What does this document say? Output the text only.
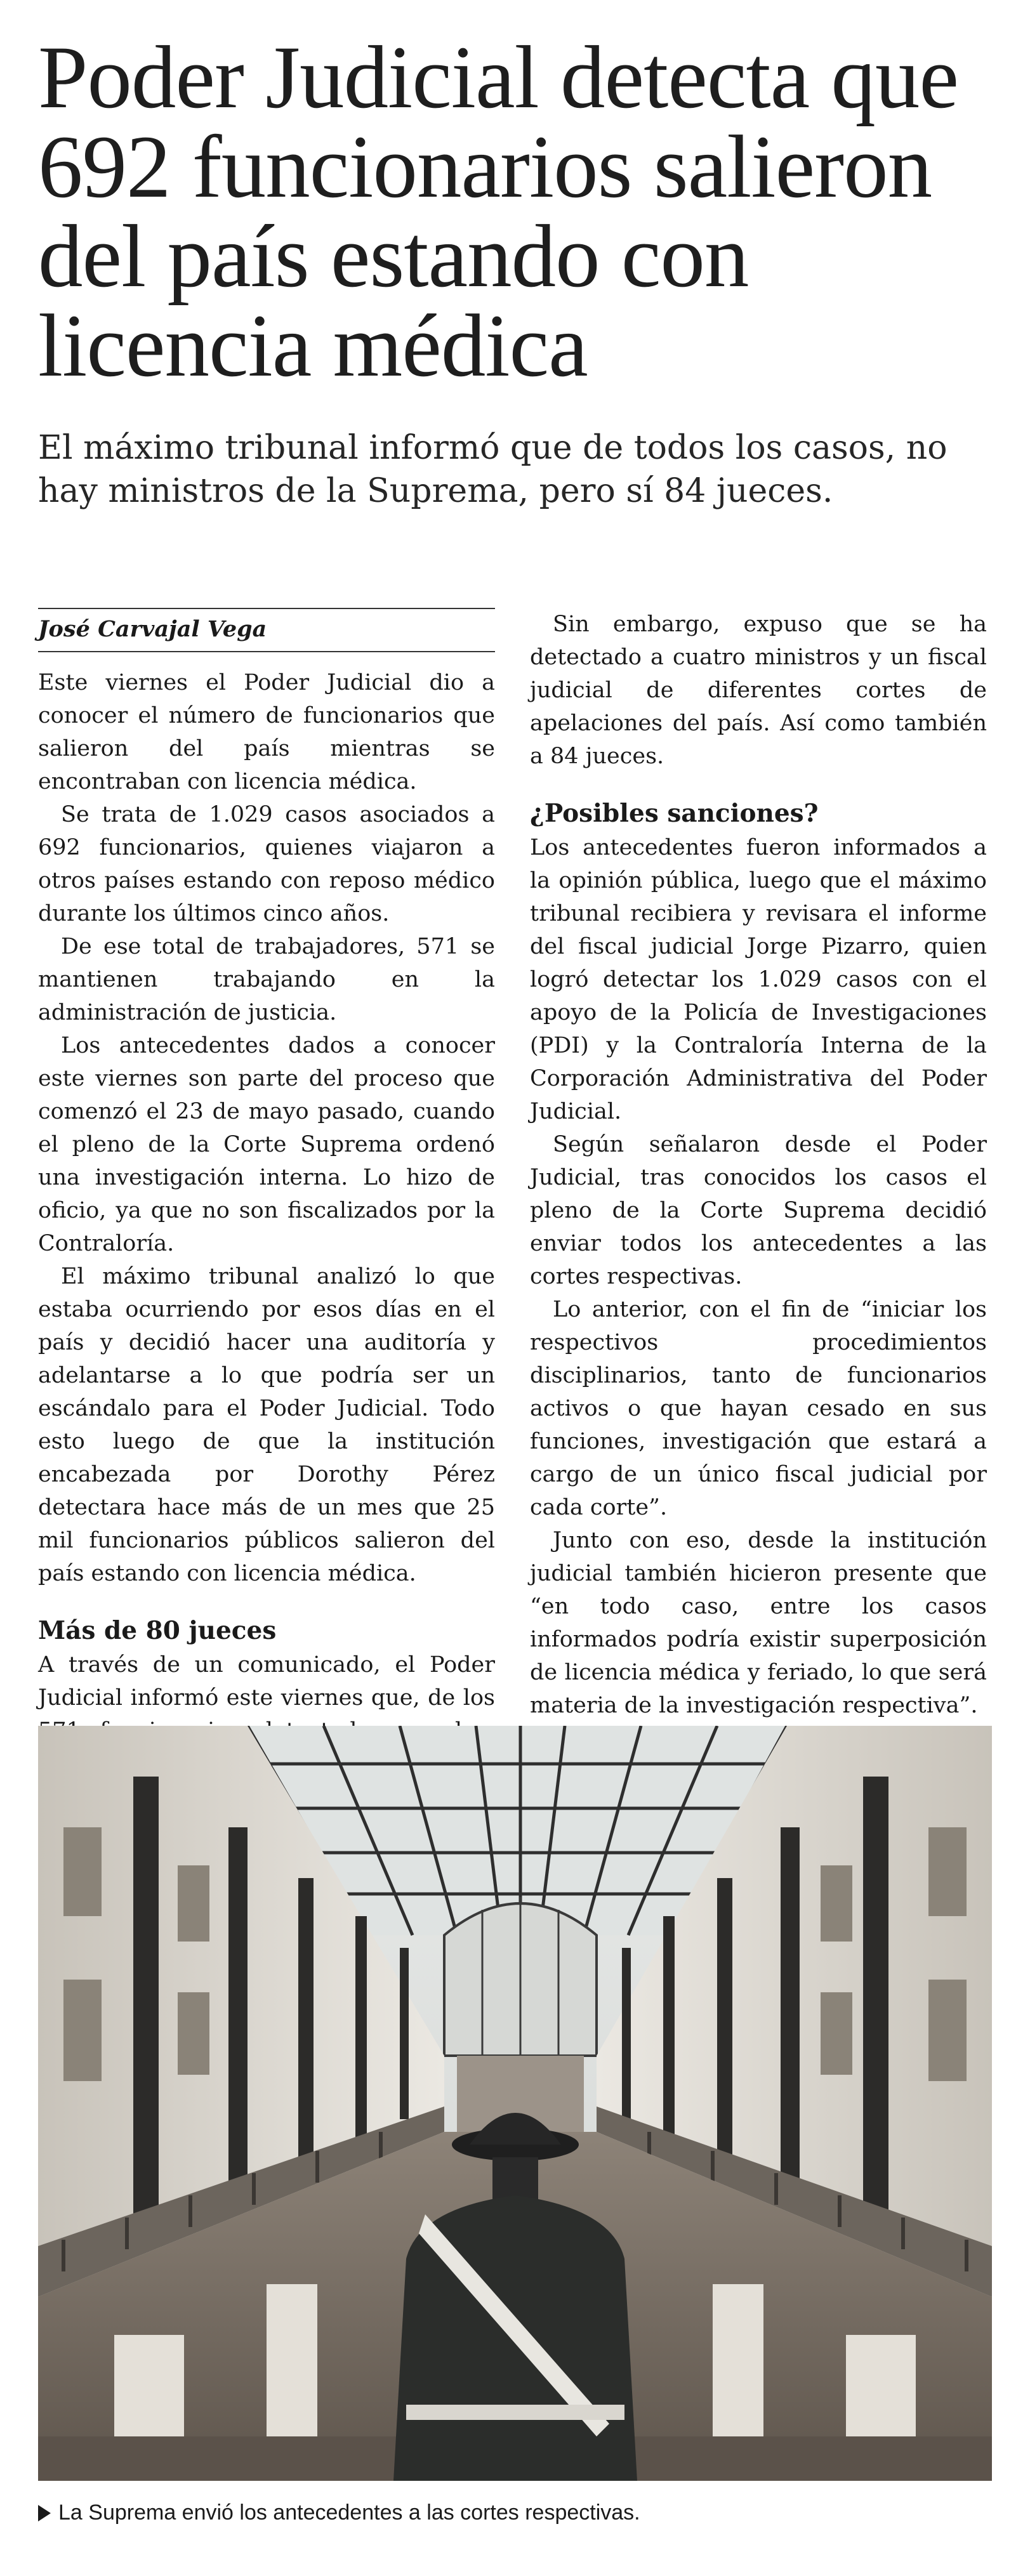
Poder Judicial detecta que 692 funcionarios salieron del país estando con licencia médica

El máximo tribunal informó que de todos los casos, no hay ministros de la Suprema, pero sí 84 jueces.

José Carvajal Vega

Este viernes el Poder Judicial dio a conocer el número de funcionarios que salieron del país mientras se encontraban con licencia médica.

Se trata de 1.029 casos asociados a 692 funcionarios, quienes viajaron a otros países estando con reposo médico durante los últimos cinco años.

De ese total de trabajadores, 571 se mantienen trabajando en la administración de justicia.

Los antecedentes dados a conocer este viernes son parte del proceso que comenzó el 23 de mayo pasado, cuando el pleno de la Corte Suprema ordenó una investigación interna. Lo hizo de oficio, ya que no son fiscalizados por la Contraloría.

El máximo tribunal analizó lo que estaba ocurriendo por esos días en el país y decidió hacer una auditoría y adelantarse a lo que podría ser un escándalo para el Poder Judicial. Todo esto luego de que la institución encabezada por Dorothy Pérez detectara hace más de un mes que 25 mil funcionarios públicos salieron del país estando con licencia médica.

Más de 80 jueces

A través de un comunicado, el Poder Judicial informó este viernes que, de los

Sin embargo, expuso que se ha detectado a cuatro ministros y un fiscal judicial de diferentes cortes de apelaciones del país. Así como también a 84 jueces.

¿Posibles sanciones?

Los antecedentes fueron informados a la opinión pública, luego que el máximo tribunal recibiera y revisara el informe del fiscal judicial Jorge Pizarro, quien logró detectar los 1.029 casos con el apoyo de la Policía de Investigaciones (PDI) y la Contraloría Interna de la Corporación Administrativa del Poder Judicial.

Según señalaron desde el Poder Judicial, tras conocidos los casos el pleno de la Corte Suprema decidió enviar todos los antecedentes a las cortes respectivas.

Lo anterior, con el fin de “iniciar los respectivos procedimientos disciplinarios, tanto de funcionarios activos o que hayan cesado en sus funciones, investigación que estará a cargo de un único fiscal judicial por cada corte”.

Junto con eso, desde la institución judicial también hicieron presente que “en todo caso, entre los casos informados podría existir superposición de licencia médica y feriado, lo que será materia de la investigación respectiva”.

La Suprema envió los antecedentes a las cortes respectivas.
